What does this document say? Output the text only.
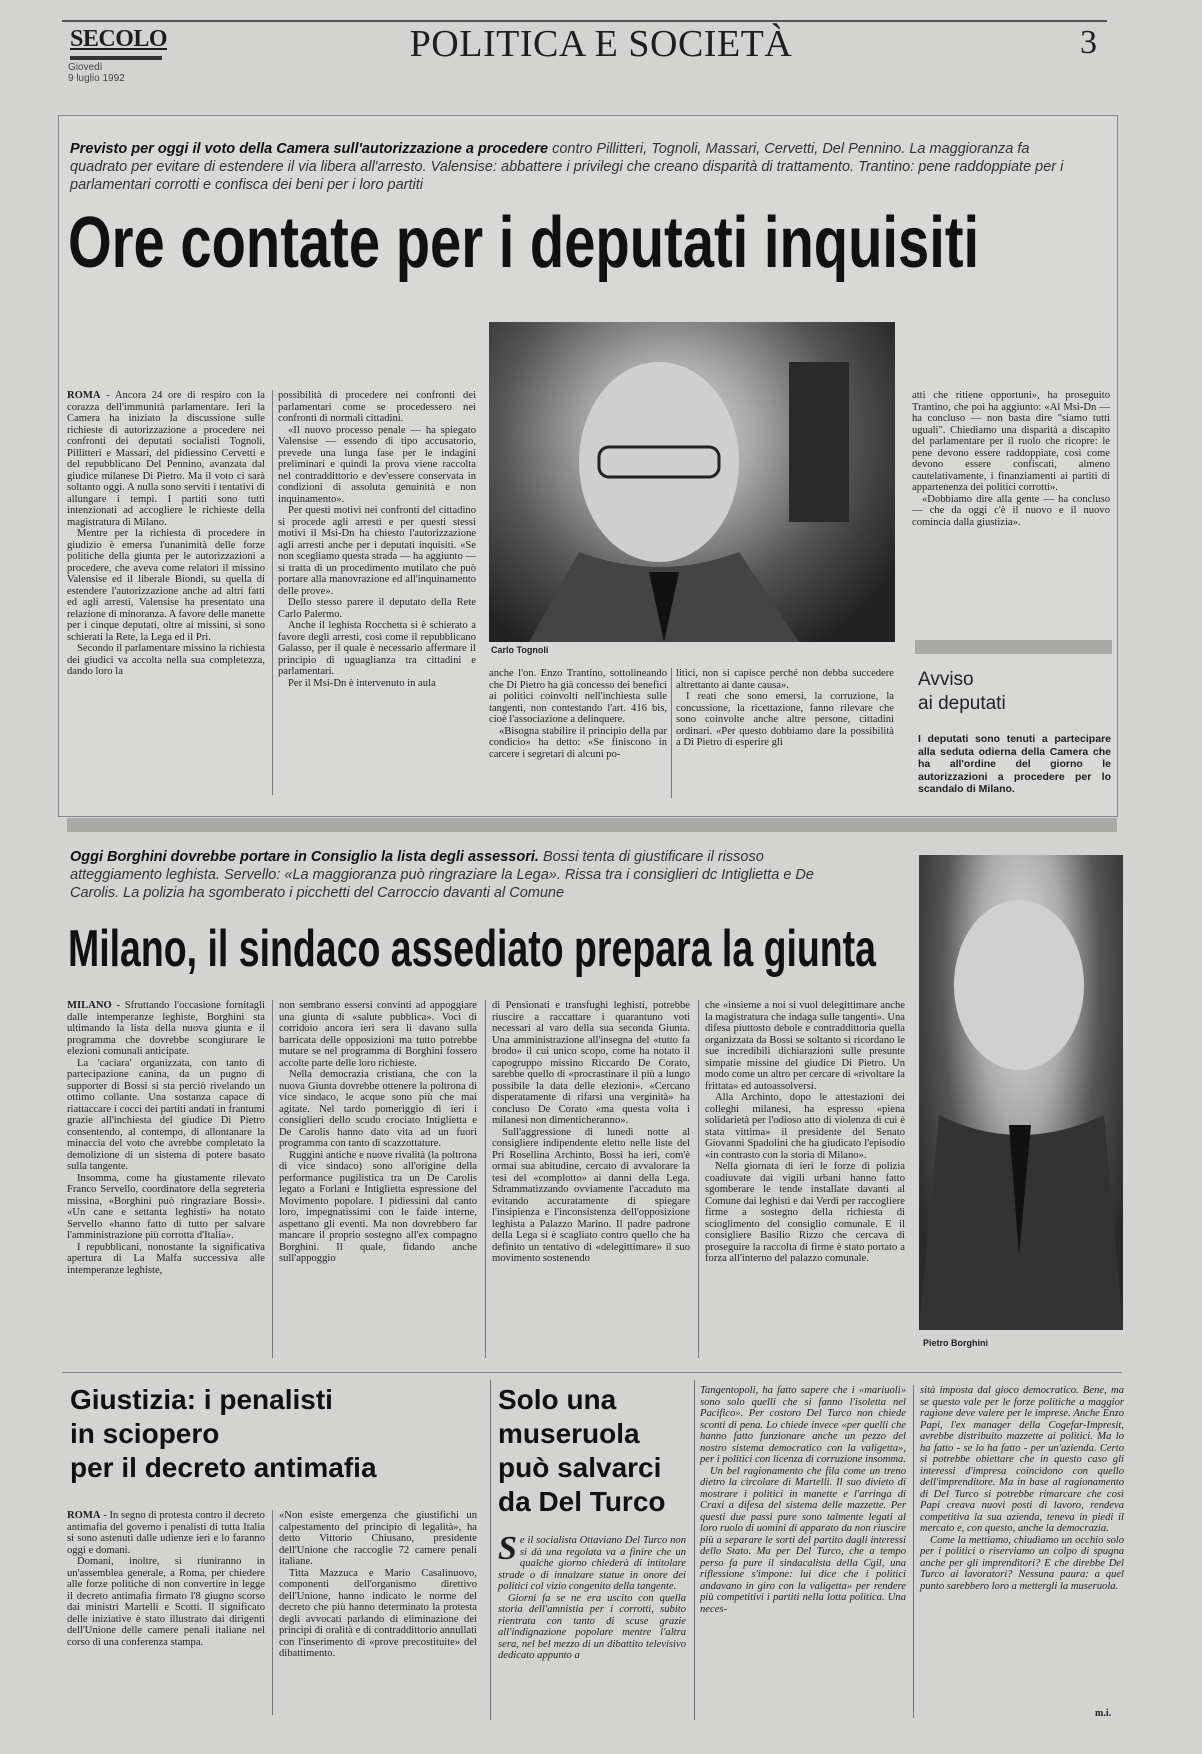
SECOLO
Giovedì
9 luglio 1992
POLITICA E SOCIETÀ	3
Previsto per oggi il voto della Camera sull'autorizzazione a procedere contro Pillitteri, Tognoli, Massari, Cervetti, Del Pennino. La maggioranza fa quadrato per evitare di estendere il via libera all'arresto. Valensise: abbattere i privilegi che creano disparità di trattamento. Trantino: pene raddoppiate per i parlamentari corrotti e confisca dei beni per i loro partiti
Ore contate per i deputati inquisiti
Carlo Tognoli

ROMA - Ancora 24 ore di respiro con la corazza dell'immunità parlamentare. Ieri la Camera ha iniziato la discussione sulle richieste di autorizzazione a procedere nei confronti dei deputati socialisti Tognoli, Pillitteri e Massari, del pidiessino Cervetti e del repubblicano Del Pennino, avanzata dal giudice milanese Di Pietro. Ma il voto ci sarà soltanto oggi. A nulla sono serviti i tentativi di allungare i tempi. I partiti sono tutti intenzionati ad accogliere le richieste della magistratura di Milano.

Mentre per la richiesta di procedere in giudizio è emersa l'unanimità delle forze politiche della giunta per le autorizzazioni a procedere, che aveva come relatori il missino Valensise ed il liberale Biondi, su quella di estendere l'autorizzazione anche ad altri fatti ed agli arresti, Valensise ha presentato una relazione di minoranza. A favore delle manette per i cinque deputati, oltre ai missini, si sono schierati la Rete, la Lega ed il Pri.

Secondo il parlamentare missino la richiesta dei giudici va accolta nella sua completezza, dando loro la

possibilità di procedere nei confronti dei parlamentari come se procedessero nei confronti di normali cittadini.

«Il nuovo processo penale — ha spiegato Valensise — essendo di tipo accusatorio, prevede una lunga fase per le indagini preliminari e quindi la prova viene raccolta nel contraddittorio e dev'essere conservata in condizioni di assoluta genuinità e non inquinamento».

Per questi motivi nei confronti del cittadino si procede agli arresti e per questi stessi motivi il Msi-Dn ha chiesto l'autorizzazione agli arresti anche per i deputati inquisiti. «Se non scegliamo questa strada — ha aggiunto — si tratta di un procedimento mutilato che può portare alla manovrazione ed all'inquinamento delle prove».

Dello stesso parere il deputato della Rete Carlo Palermo.

Anche il leghista Rocchetta si è schierato a favore degli arresti, così come il repubblicano Galasso, per il quale è necessario affermare il principio di uguaglianza tra cittadini e parlamentari.

Per il Msi-Dn è intervenuto in aula

anche l'on. Enzo Trantino, sottolineando che Di Pietro ha già concesso dei benefici ai politici coinvolti nell'inchiesta sulle tangenti, non contestando l'art. 416 bis, cioè l'associazione a delinquere.

«Bisogna stabilire il principio della par condicio» ha detto: «Se finiscono in carcere i segretari di alcuni po-

litici, non si capisce perché non debba succedere altrettanto ai dante causa».

I reati che sono emersi, la corruzione, la concussione, la ricettazione, fanno rilevare che sono coinvolte anche altre persone, cittadini ordinari. «Per questo dobbiamo dare la possibilità a Di Pietro di esperire gli

atti che ritiene opportuni», ha proseguito Trantino, che poi ha aggiunto: «Al Msi-Dn — ha concluso — non basta dire "siamo tutti uguali". Chiediamo una disparità a discapito del parlamentare per il ruolo che ricopre: le pene devono essere raddoppiate, così come devono essere confiscati, almeno cautelativamente, i finanziamenti ai partiti di appartenenza dei politici corrotti».

«Dobbiamo dire alla gente — ha concluso — che da oggi c'è il nuovo e il nuovo comincia dalla giustizia».

Avviso
ai deputati
I deputati sono tenuti a partecipare alla seduta odierna della Camera che ha all'ordine del giorno le autorizzazioni a procedere per lo scandalo di Milano.
Oggi Borghini dovrebbe portare in Consiglio la lista degli assessori. Bossi tenta di giustificare il rissoso atteggiamento leghista. Servello: «La maggioranza può ringraziare la Lega». Rissa tra i consiglieri dc Intiglietta e De Carolis. La polizia ha sgomberato i picchetti del Carroccio davanti al Comune
Milano, il sindaco assediato prepara la giunta
Pietro Borghini

MILANO - Sfruttando l'occasione fornitagli dalle intemperanze leghiste, Borghini sta ultimando la lista della nuova giunta e il programma che dovrebbe scongiurare le elezioni comunali anticipate.

La 'caciara' organizzata, con tanto di partecipazione canina, da un pugno di supporter di Bossi si sta perciò rivelando un ottimo collante. Una sostanza capace di riattaccare i cocci dei partiti andati in frantumi grazie all'inchiesta del giudice Di Pietro consentendo, al contempo, di allontanare la minaccia del voto che avrebbe completato la demolizione di un sistema di potere basato sulla tangente.

Insomma, come ha giustamente rilevato Franco Servello, coordinatore della segreteria missina, «Borghini può ringraziare Bossi». «Un cane e settanta leghisti» ha notato Servello «hanno fatto di tutto per salvare l'amministrazione più corrotta d'Italia».

I repubblicani, nonostante la significativa apertura di La Malfa successiva alle intemperanze leghiste,

non sembrano essersi convinti ad appoggiare una giunta di «salute pubblica». Voci di corridoio ancora ieri sera li davano sulla barricata delle opposizioni ma tutto potrebbe mutare se nel programma di Borghini fossero accolte parte delle loro richieste.

Nella democrazia cristiana, che con la nuova Giunta dovrebbe ottenere la poltrona di vice sindaco, le acque sono più che mai agitate. Nel tardo pomeriggio di ieri i consiglieri dello scudo crociato Intiglietta e De Carolis hanno dato vita ad un fuori programma con tanto di scazzottature.

Ruggini antiche e nuove rivalità (la poltrona di vice sindaco) sono all'origine della performance pugilistica tra un De Carolis legato a Forlani e Intiglietta espressione del Movimento popolare. I pidiessini dal canto loro, impegnatissimi con le faide interne, aspettano gli eventi. Ma non dovrebbero far mancare il proprio sostegno all'ex compagno Borghini. Il quale, fidando anche sull'appoggio

di Pensionati e transfughi leghisti, potrebbe riuscire a raccattare i quarantuno voti necessari al varo della sua seconda Giunta. Una amministrazione all'insegna del «tutto fa brodo» il cui unico scopo, come ha notato il capogruppo missino Riccardo De Corato, sarebbe quello di «procrastinare il più a lungo possibile la data delle elezioni». «Cercano disperatamente di rifarsi una verginità» ha concluso De Corato «ma questa volta i milanesi non dimenticheranno».

Sull'aggressione di lunedì notte al consigliere indipendente eletto nelle liste del Pri Rosellina Archinto, Bossi ha ieri, com'è ormai sua abitudine, cercato di avvalorare la tesi del «complotto» ai danni della Lega. Sdrammatizzando ovviamente l'accaduto ma evitando accuratamente di spiegare l'insipienza e l'inconsistenza dell'opposizione leghista a Palazzo Marino. Il padre padrone della Lega si è scagliato contro quello che ha definito un tentativo di «delegittimare» il suo movimento sostenendo

che «insieme a noi si vuol delegittimare anche la magistratura che indaga sulle tangenti». Una difesa piuttosto debole e contraddittoria quella organizzata da Bossi se soltanto si ricordano le sue incredibili dichiarazioni sulle presunte simpatie missine del giudice Di Pietro. Un modo come un altro per cercare di «rivoltare la frittata» ed autoassolversi.

Alla Archinto, dopo le attestazioni dei colleghi milanesi, ha espresso «piena solidarietà per l'odioso atto di violenza di cui è stata vittima» il presidente del Senato Giovanni Spadolini che ha giudicato l'episodio «in contrasto con la storia di Milano».

Nella giornata di ieri le forze di polizia coadiuvate dai vigili urbani hanno fatto sgomberare le tende installate davanti al Comune dai leghisti e dai Verdi per raccogliere firme a sostegno della richiesta di scioglimento del consiglio comunale. E il consigliere Basilio Rizzo che cercava di proseguire la raccolta di firme è stato portato a forza all'interno del palazzo comunale.

Giustizia: i penalisti
in sciopero
per il decreto antimafia

ROMA - In segno di protesta contro il decreto antimafia del governo i penalisti di tutta Italia si sono astenuti dalle udienze ieri e lo faranno oggi e domani.

Domani, inoltre, si riuniranno in un'assemblea generale, a Roma, per chiedere alle forze politiche di non convertire in legge il decreto antimafia firmato l'8 giugno scorso dai ministri Martelli e Scotti. Il significato delle iniziative è stato illustrato dai dirigenti dell'Unione delle camere penali italiane nel corso di una conferenza stampa.

«Non esiste emergenza che giustifichi un calpestamento del principio di legalità», ha detto Vittorio Chiusano, presidente dell'Unione che raccoglie 72 camere penali italiane.

Titta Mazzuca e Mario Casalinuovo, componenti dell'organismo direttivo dell'Unione, hanno indicato le norme del decreto che più hanno determinato la protesta degli avvocati parlando di eliminazione dei principi di oralità e di contraddittorio annullati con l'inserimento di «prove precostituite» del dibattimento.

Solo una
museruola
può salvarci
da Del Turco

Se il socialista Ottaviano Del Turco non si dà una regolata va a finire che un qualche giorno chiederà di intitolare strade o di innalzare statue in onore dei politici col vizio congenito della tangente.

Giorni fa se ne era uscito con quella storia dell'amnistia per i corrotti, subito rientrata con tanto di scuse grazie all'indignazione popolare mentre l'altra sera, nel bel mezzo di un dibattito televisivo dedicato appunto a

Tangentopoli, ha fatto sapere che i «mariuoli» sono solo quelli che si fanno l'isoletta nel Pacifico». Per costoro Del Turco non chiede sconti di pena. Lo chiede invece «per quelli che hanno fatto funzionare anche un pezzo del nostro sistema democratico con la valigetta», per i politici con licenza di corruzione insomma.

Un bel ragionamento che fila come un treno dietro la circolare di Martelli. Il suo divieto di mostrare i politici in manette e l'arringa di Craxi a difesa del sistema delle mazzette. Per questi due passi pure sono talmente legati al loro ruolo di uomini di apparato da non riuscire più a separare le sorti del partito dagli interessi dello Stato. Ma per Del Turco, che a tempo perso fa pure il sindacalista della Cgil, una riflessione s'impone: lui dice che i politici andavano in giro con la valigetta» per rendere più competitivi i partiti nella lotta politica. Una neces-

sità imposta dal gioco democratico. Bene, ma se questo vale per le forze politiche a maggior ragione deve valere per le imprese. Anche Enzo Papi, l'ex manager della Cogefar-Impresit, avrebbe distribuito mazzette ai politici. Ma lo ha fatto - se lo ha fatto - per un'azienda. Certo si potrebbe obiettare che in questo caso gli interessi d'impresa coincidono con quello dell'imprenditore. Ma in base al ragionamento di Del Turco si potrebbe rimarcare che così Papi creava nuovi posti di lavoro, rendeva competitiva la sua azienda, teneva in piedi il mercato e, con questo, anche la democrazia.

Come la mettiamo, chiudiamo un occhio solo per i politici o riserviamo un colpo di spugna anche per gli imprenditori? E che direbbe Del Turco ai lavoratori? Nessuna paura: a quel punto sarebbero loro a mettergli la museruola.

m.i.
